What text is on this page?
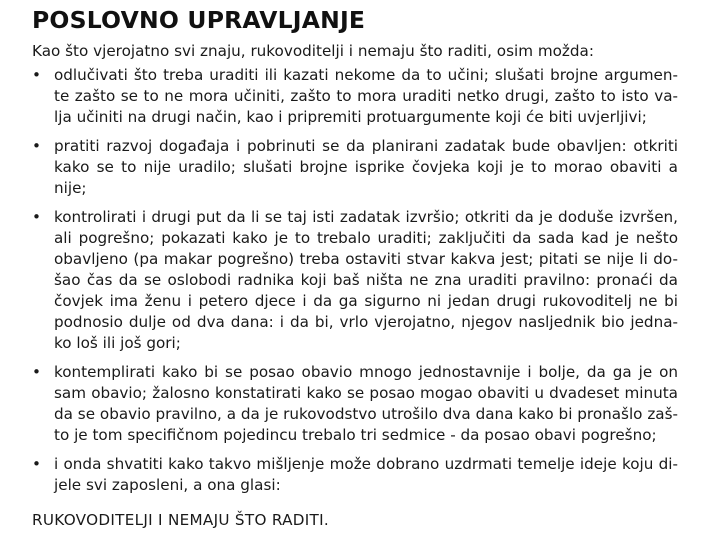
POSLOVNO UPRAVLJANJE

Kao što vjerojatno svi znaju, rukovoditelji i nemaju što raditi, osim možda:

• odlučivati što treba uraditi ili kazati nekome da to učini; slušati brojne argumen-
te zašto se to ne mora učiniti, zašto to mora uraditi netko drugi, zašto to isto va-
lja učiniti na drugi način, kao i pripremiti protuargumente koji će biti uvjerljivi;
• pratiti razvoj događaja i pobrinuti se da planirani zadatak bude obavljen: otkriti
kako se to nije uradilo; slušati brojne isprike čovjeka koji je to morao obaviti a
nije;
• kontrolirati i drugi put da li se taj isti zadatak izvršio; otkriti da je doduše izvršen,
ali pogrešno; pokazati kako je to trebalo uraditi; zaključiti da sada kad je nešto
obavljeno (pa makar pogrešno) treba ostaviti stvar kakva jest; pitati se nije li do-
šao čas da se oslobodi radnika koji baš ništa ne zna uraditi pravilno: pronaći da
čovjek ima ženu i petero djece i da ga sigurno ni jedan drugi rukovoditelj ne bi
podnosio dulje od dva dana: i da bi, vrlo vjerojatno, njegov nasljednik bio jedna-
ko loš ili još gori;
• kontemplirati kako bi se posao obavio mnogo jednostavnije i bolje, da ga je on
sam obavio; žalosno konstatirati kako se posao mogao obaviti u dvadeset minuta
da se obavio pravilno, a da je rukovodstvo utrošilo dva dana kako bi pronašlo zaš-
to je tom specifičnom pojedincu trebalo tri sedmice - da posao obavi pogrešno;
• i onda shvatiti kako takvo mišljenje može dobrano uzdrmati temelje ideje koju di-
jele svi zaposleni, a ona glasi:

RUKOVODITELJI I NEMAJU ŠTO RADITI.
